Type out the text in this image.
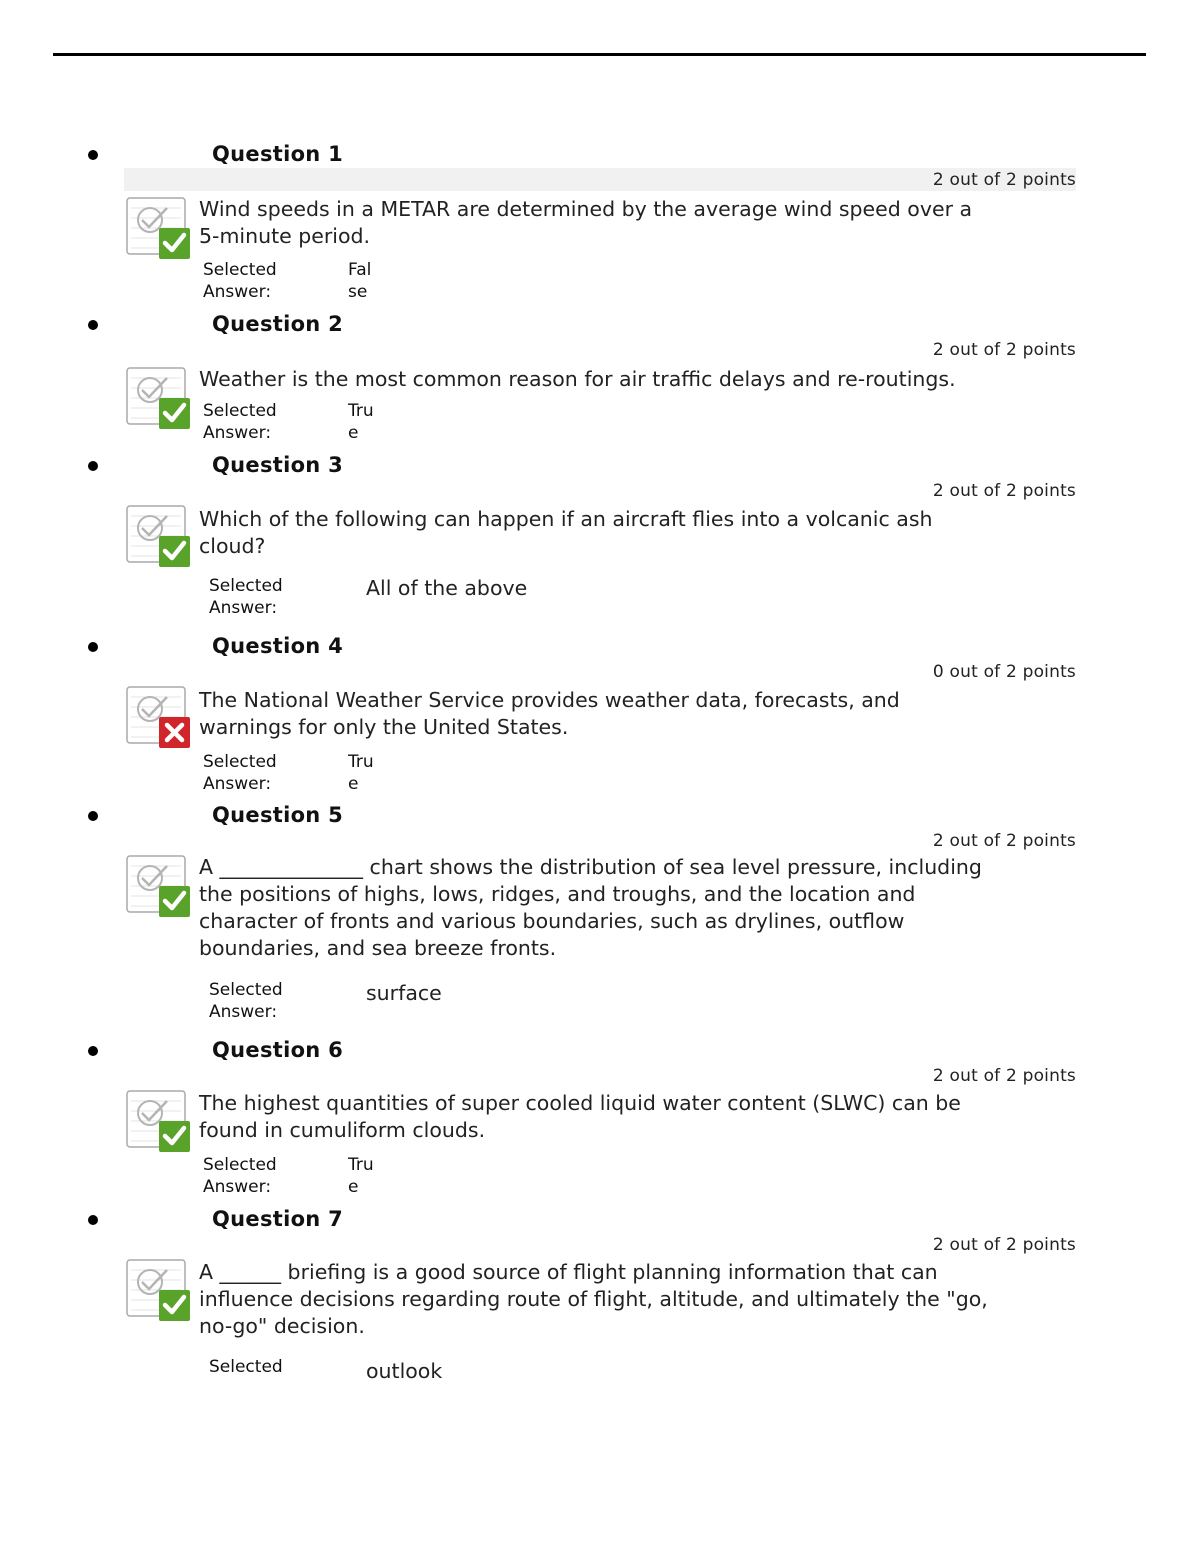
Question 1
2 out of 2 points
Wind speeds in a METAR are determined by the average wind speed over a 5-minute period.
Selected
Answer:
False
Question 2
2 out of 2 points
Weather is the most common reason for air traffic delays and re-routings.
Selected
Answer:
True
Question 3
2 out of 2 points
Which of the following can happen if an aircraft flies into a volcanic ash cloud?
Selected
Answer:
All of the above
Question 4
0 out of 2 points
The National Weather Service provides weather data, forecasts, and warnings for only the United States.
Selected
Answer:
True
Question 5
2 out of 2 points
A ______________ chart shows the distribution of sea level pressure, including the positions of highs, lows, ridges, and troughs, and the location and character of fronts and various boundaries, such as drylines, outflow boundaries, and sea breeze fronts.
Selected
Answer:
surface
Question 6
2 out of 2 points
The highest quantities of super cooled liquid water content (SLWC) can be found in cumuliform clouds.
Selected
Answer:
True
Question 7
2 out of 2 points
A ______ briefing is a good source of flight planning information that can influence decisions regarding route of flight, altitude, and ultimately the "go, no-go" decision.
Selected	outlook
